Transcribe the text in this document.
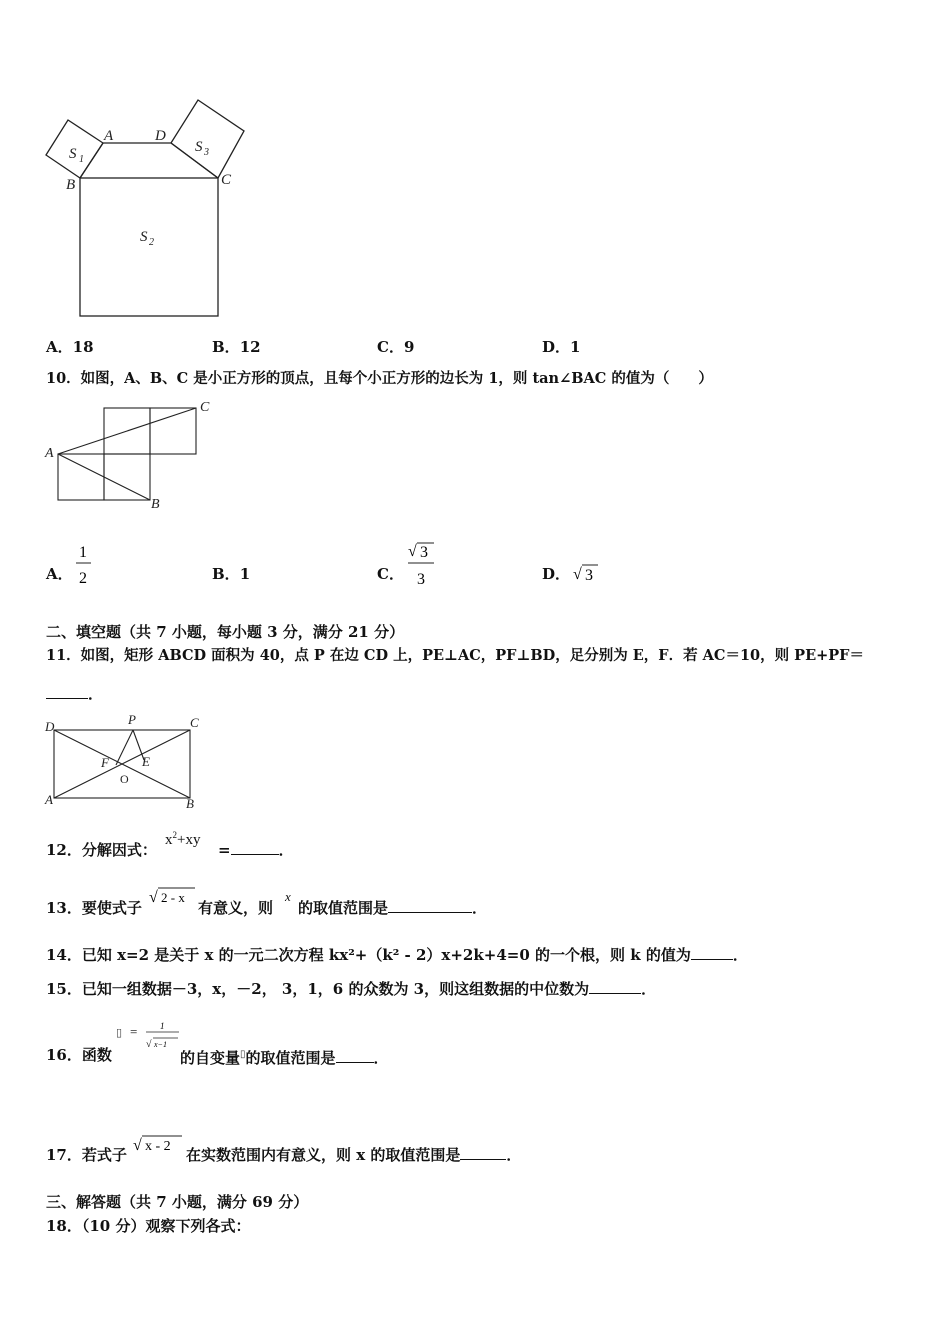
A	D
B	C
S 1
S 3
S 2
A．18	B．12	C．9	D．1
10．如图，A、B、C 是小正方形的顶点，且每个小正方形的边长为 1，则 tan∠BAC 的值为（　　）
A
C
B
A．
1
2	B．1	C．
√ 3
3	D． √ 3
二、填空题（共 7 小题，每小题 3 分，满分 21 分）
11．如图，矩形 ABCD 面积为 40，点 P 在边 CD 上，PE⊥AC，PF⊥BD，足分别为 E，F．若 AC＝10，则 PE+PF＝
．
D	P	C
F	E
A	B
O
12．分解因式：
$x^2+xy$
=	．
13．要使式子
√ 2 - x
有意义，则
x
的取值范围是	．
14．已知 x=2 是关于 x 的一元二次方程 kx²+（k² - 2）x+2k+4=0 的一个根，则 k 的值为	．
15．已知一组数据－3，x，－2， 3，1，6 的众数为 3，则这组数据的中位数为	．
16．函数
▯ =	1
√ x−1
的自变量▯的取值范围是	．
17．若式子
√ x - 2 在实数范围内有意义，则 x 的取值范围是	．
三、解答题（共 7 小题，满分 69 分）
18．（10 分）观察下列各式：
